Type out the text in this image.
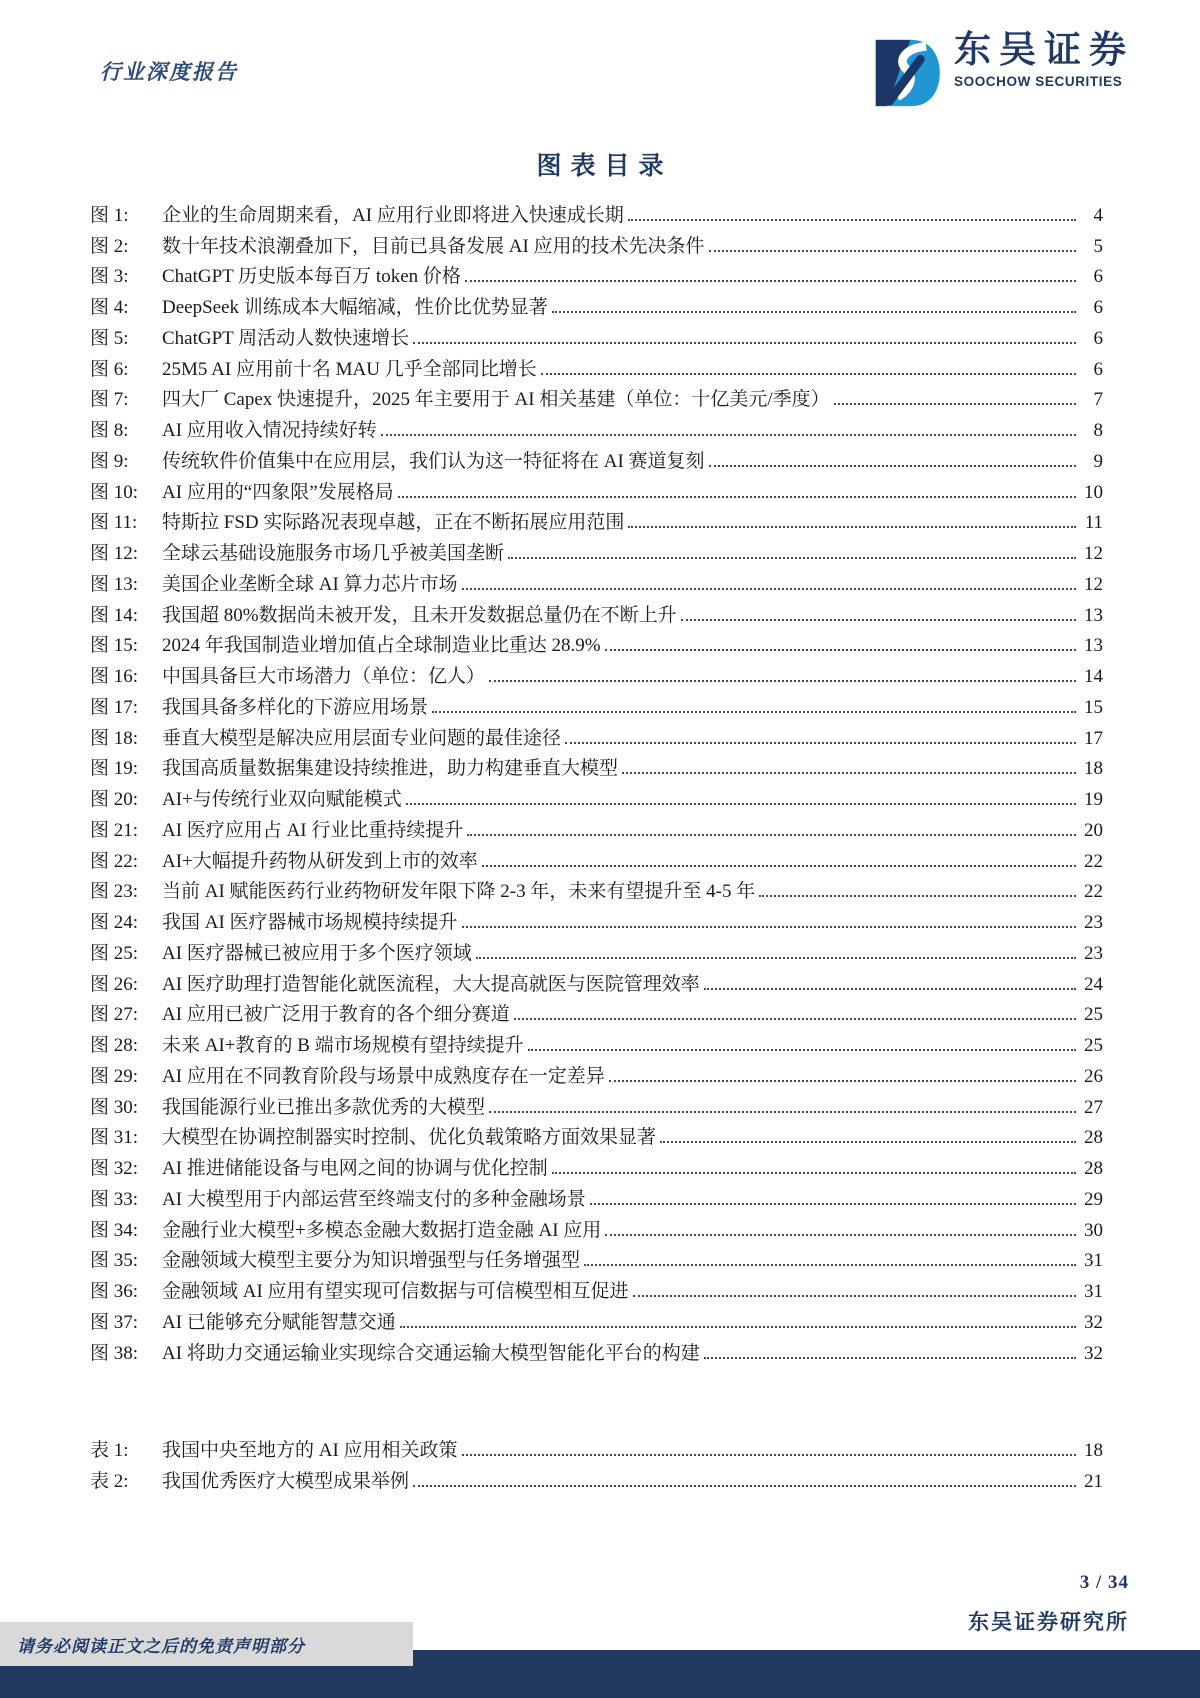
行业深度报告
东吴证券
SOOCHOW SECURITIES
图表目录
图 1:	企业的生命周期来看，AI 应用行业即将进入快速成长期	4
图 2:	数十年技术浪潮叠加下，目前已具备发展 AI 应用的技术先决条件	5
图 3:	ChatGPT 历史版本每百万 token 价格	6
图 4:	DeepSeek 训练成本大幅缩减，性价比优势显著	6
图 5:	ChatGPT 周活动人数快速增长	6
图 6:	25M5 AI 应用前十名 MAU 几乎全部同比增长	6
图 7:	四大厂 Capex 快速提升，2025 年主要用于 AI 相关基建（单位：十亿美元/季度）	7
图 8:	AI 应用收入情况持续好转	8
图 9:	传统软件价值集中在应用层，我们认为这一特征将在 AI 赛道复刻	9
图 10:	AI 应用的“四象限”发展格局	10
图 11:	特斯拉 FSD 实际路况表现卓越，正在不断拓展应用范围	11
图 12:	全球云基础设施服务市场几乎被美国垄断	12
图 13:	美国企业垄断全球 AI 算力芯片市场	12
图 14:	我国超 80%数据尚未被开发，且未开发数据总量仍在不断上升	13
图 15:	2024 年我国制造业增加值占全球制造业比重达 28.9%	13
图 16:	中国具备巨大市场潜力（单位：亿人）	14
图 17:	我国具备多样化的下游应用场景	15
图 18:	垂直大模型是解决应用层面专业问题的最佳途径	17
图 19:	我国高质量数据集建设持续推进，助力构建垂直大模型	18
图 20:	AI+与传统行业双向赋能模式	19
图 21:	AI 医疗应用占 AI 行业比重持续提升	20
图 22:	AI+大幅提升药物从研发到上市的效率	22
图 23:	当前 AI 赋能医药行业药物研发年限下降 2-3 年，未来有望提升至 4-5 年	22
图 24:	我国 AI 医疗器械市场规模持续提升	23
图 25:	AI 医疗器械已被应用于多个医疗领域	23
图 26:	AI 医疗助理打造智能化就医流程，大大提高就医与医院管理效率	24
图 27:	AI 应用已被广泛用于教育的各个细分赛道	25
图 28:	未来 AI+教育的 B 端市场规模有望持续提升	25
图 29:	AI 应用在不同教育阶段与场景中成熟度存在一定差异	26
图 30:	我国能源行业已推出多款优秀的大模型	27
图 31:	大模型在协调控制器实时控制、优化负载策略方面效果显著	28
图 32:	AI 推进储能设备与电网之间的协调与优化控制	28
图 33:	AI 大模型用于内部运营至终端支付的多种金融场景	29
图 34:	金融行业大模型+多模态金融大数据打造金融 AI 应用	30
图 35:	金融领域大模型主要分为知识增强型与任务增强型	31
图 36:	金融领域 AI 应用有望实现可信数据与可信模型相互促进	31
图 37:	AI 已能够充分赋能智慧交通	32
图 38:	AI 将助力交通运输业实现综合交通运输大模型智能化平台的构建	32
表 1:	我国中央至地方的 AI 应用相关政策	18
表 2:	我国优秀医疗大模型成果举例	21
3 / 34
东吴证券研究所
请务必阅读正文之后的免责声明部分
